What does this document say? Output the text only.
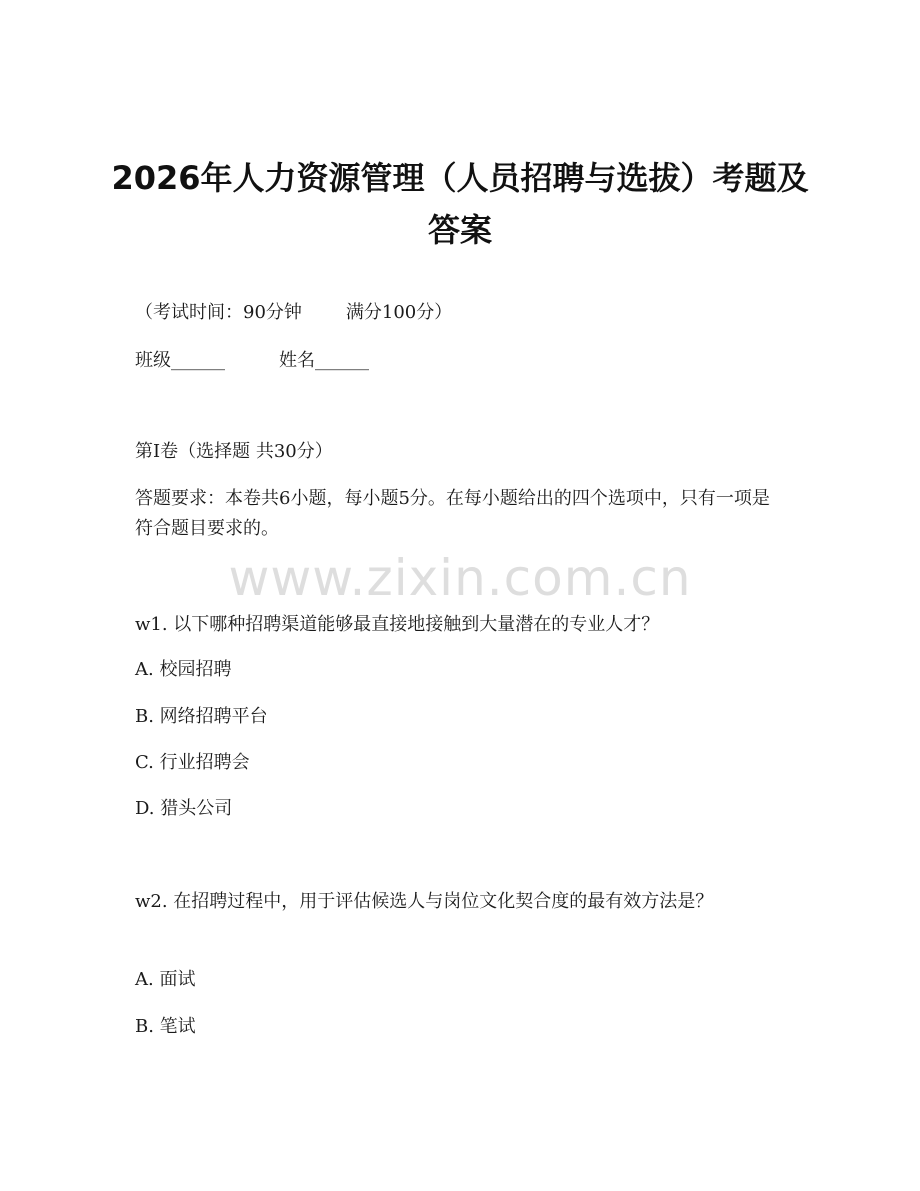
2026年人力资源管理（人员招聘与选拔）考题及答案
（考试时间：90分钟 满分100分）
班级______	姓名______
第I卷（选择题 共30分）
答题要求：本卷共6小题，每小题5分。在每小题给出的四个选项中，只有一项是符合题目要求的。
www.zixin.com.cn
w1. 以下哪种招聘渠道能够最直接地接触到大量潜在的专业人才？
A. 校园招聘
B. 网络招聘平台
C. 行业招聘会
D. 猎头公司
w2. 在招聘过程中，用于评估候选人与岗位文化契合度的最有效方法是？
A. 面试
B. 笔试
